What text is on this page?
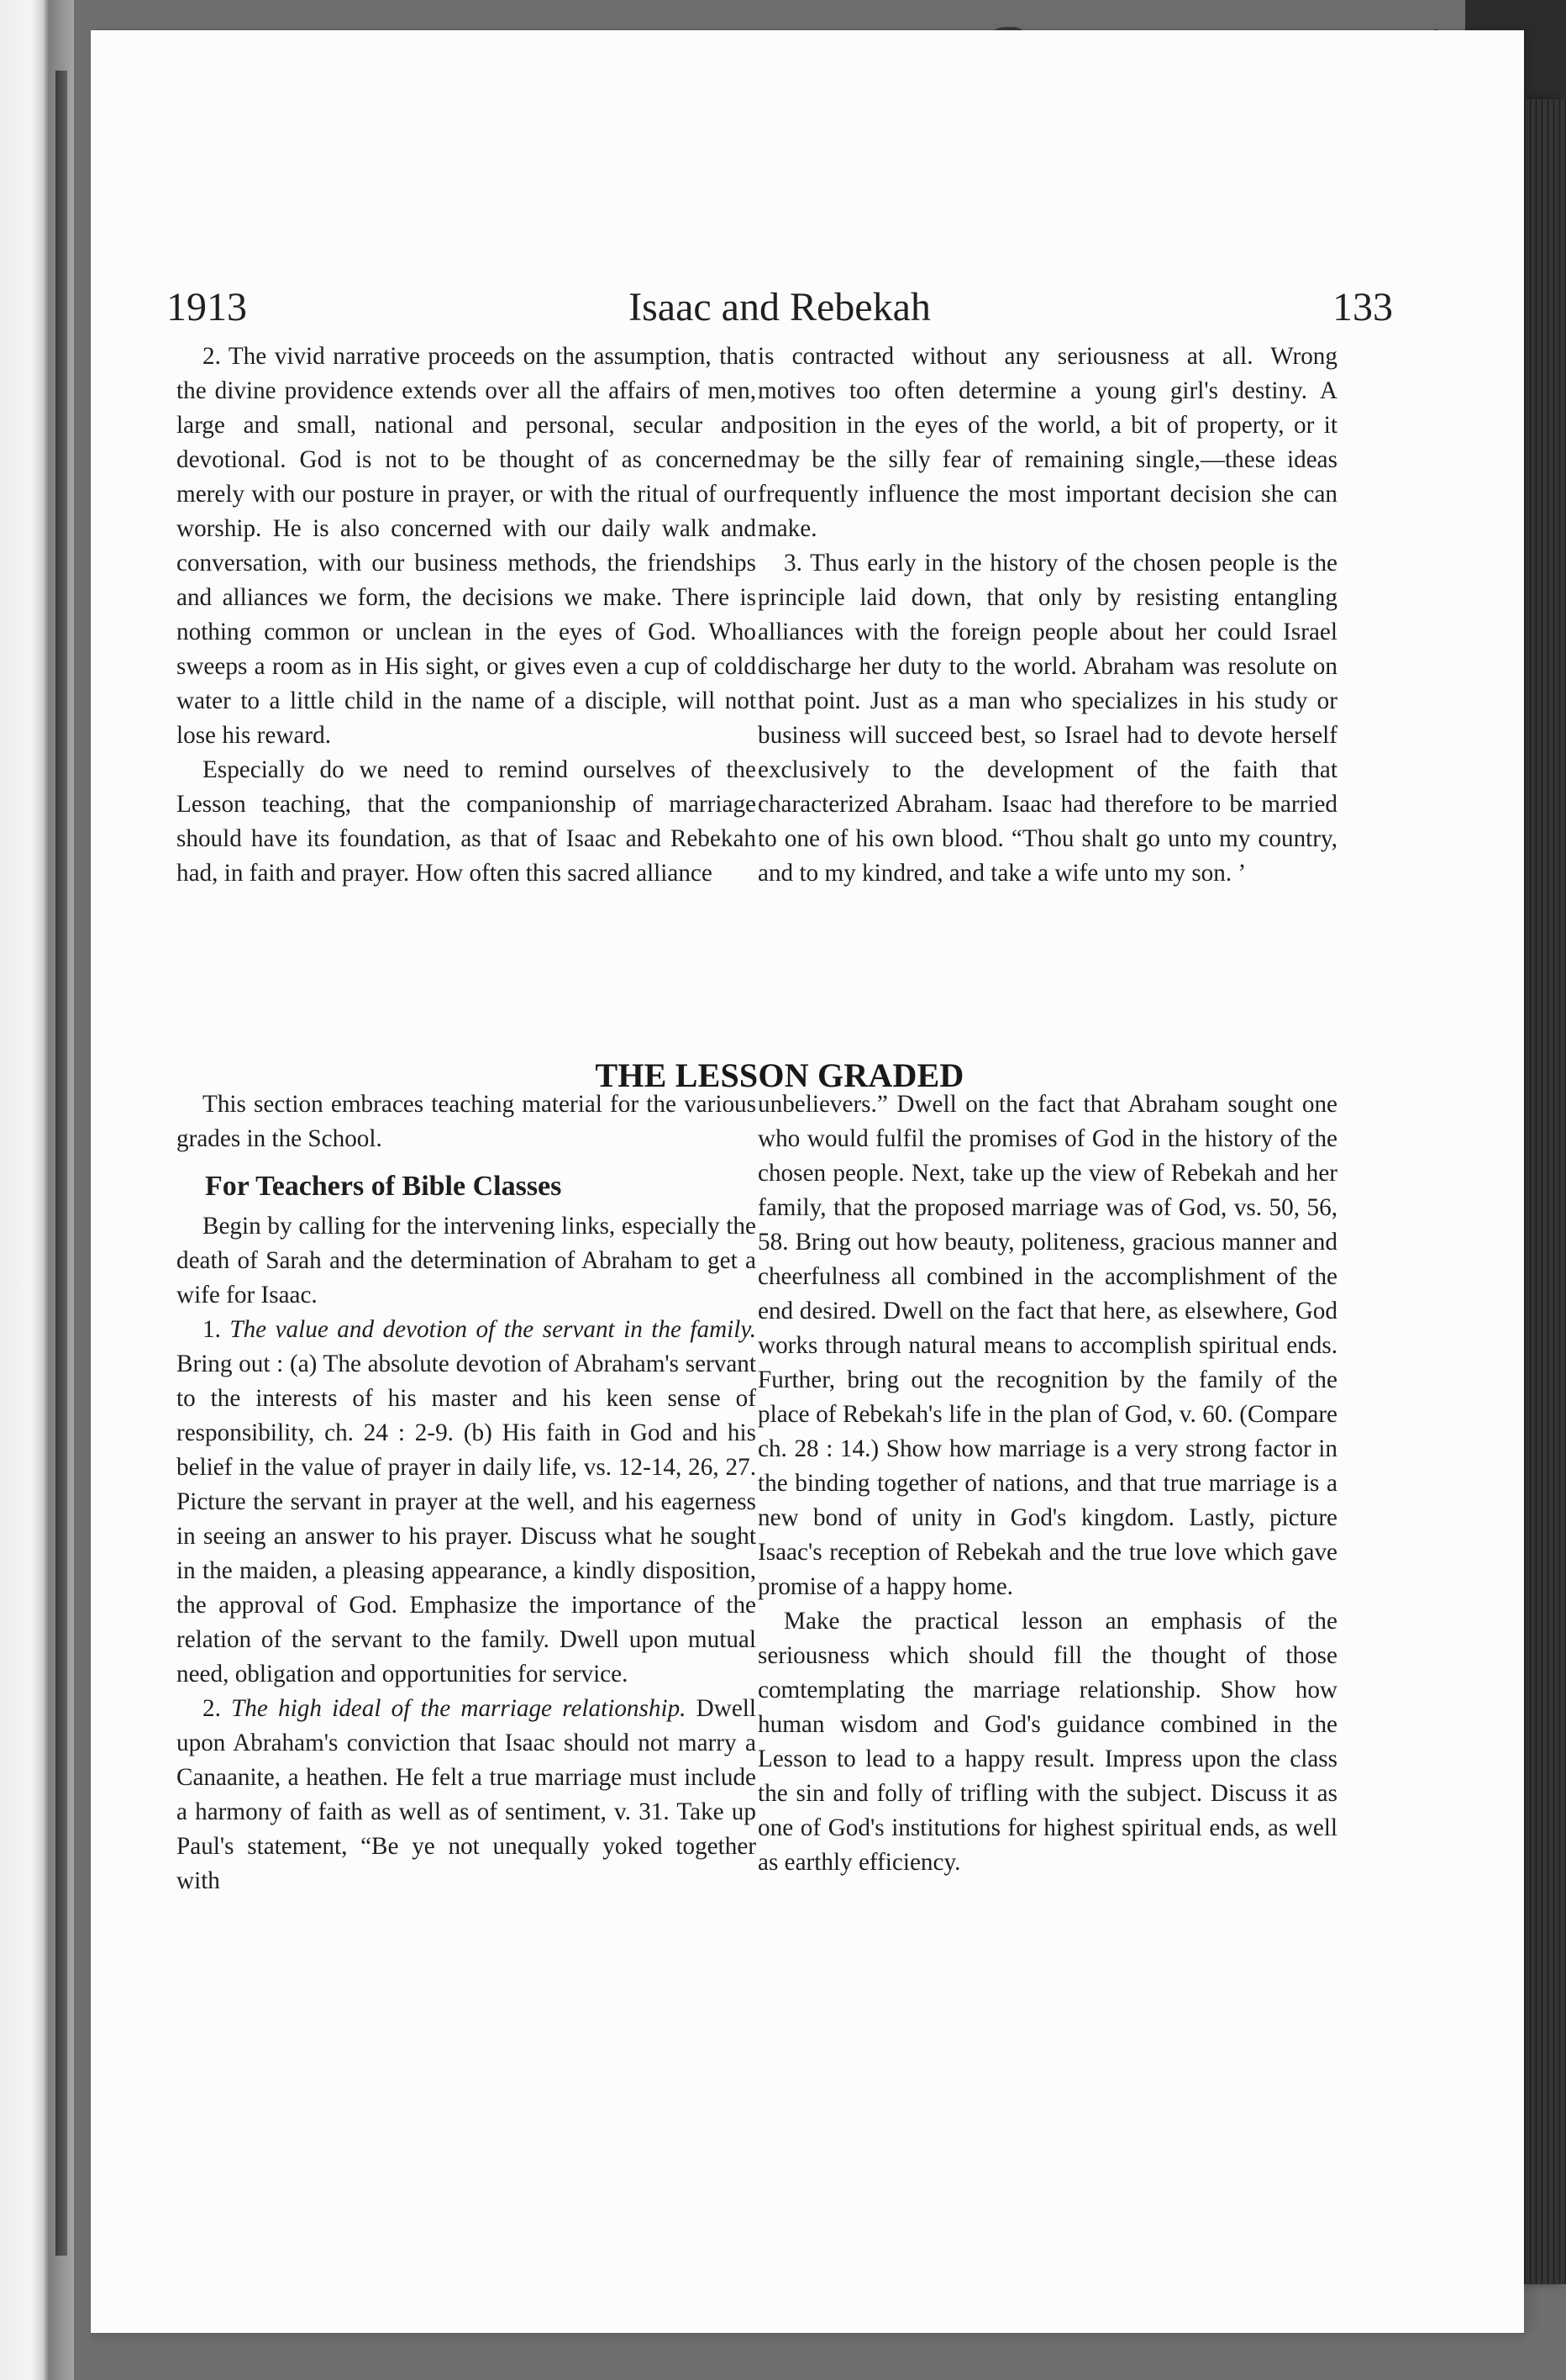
1913	Isaac and Rebekah	133

2. The vivid narrative proceeds on the assumption, that the divine providence extends over all the affairs of men, large and small, national and personal, secular and devotional. God is not to be thought of as concerned merely with our posture in prayer, or with the ritual of our worship. He is also concerned with our daily walk and conversation, with our business methods, the friendships and alliances we form, the decisions we make. There is nothing common or unclean in the eyes of God. Who sweeps a room as in His sight, or gives even a cup of cold water to a little child in the name of a disciple, will not lose his reward.

Especially do we need to remind ourselves of the Lesson teaching, that the companionship of marriage should have its foundation, as that of Isaac and Rebekah had, in faith and prayer. How often this sacred alliance

is contracted without any seriousness at all. Wrong motives too often determine a young girl's destiny. A position in the eyes of the world, a bit of property, or it may be the silly fear of remaining single,—these ideas frequently influence the most important decision she can make.

3. Thus early in the history of the chosen people is the principle laid down, that only by resisting entangling alliances with the foreign people about her could Israel discharge her duty to the world. Abraham was resolute on that point. Just as a man who specializes in his study or business will succeed best, so Israel had to devote herself exclusively to the development of the faith that characterized Abraham. Isaac had therefore to be married to one of his own blood. “Thou shalt go unto my country, and to my kindred, and take a wife unto my son. ’

THE LESSON GRADED

This section embraces teaching material for the various grades in the School.

For Teachers of Bible Classes

Begin by calling for the intervening links, especially the death of Sarah and the determination of Abraham to get a wife for Isaac.

1. The value and devotion of the servant in the family. Bring out : (a) The absolute devotion of Abraham's servant to the interests of his master and his keen sense of responsibility, ch. 24 : 2-9. (b) His faith in God and his belief in the value of prayer in daily life, vs. 12-14, 26, 27. Picture the servant in prayer at the well, and his eagerness in seeing an answer to his prayer. Discuss what he sought in the maiden, a pleasing appearance, a kindly disposition, the approval of God. Emphasize the importance of the relation of the servant to the family. Dwell upon mutual need, obligation and opportunities for service.

2. The high ideal of the marriage relationship. Dwell upon Abraham's conviction that Isaac should not marry a Canaanite, a heathen. He felt a true marriage must include a harmony of faith as well as of sentiment, v. 31. Take up Paul's statement, “Be ye not unequally yoked together with

unbelievers.” Dwell on the fact that Abraham sought one who would fulfil the promises of God in the history of the chosen people. Next, take up the view of Rebekah and her family, that the proposed marriage was of God, vs. 50, 56, 58. Bring out how beauty, politeness, gracious manner and cheerfulness all combined in the accomplishment of the end desired. Dwell on the fact that here, as elsewhere, God works through natural means to accomplish spiritual ends. Further, bring out the recognition by the family of the place of Rebekah's life in the plan of God, v. 60. (Compare ch. 28 : 14.) Show how marriage is a very strong factor in the binding together of nations, and that true marriage is a new bond of unity in God's kingdom. Lastly, picture Isaac's reception of Rebekah and the true love which gave promise of a happy home.

Make the practical lesson an emphasis of the seriousness which should fill the thought of those comtemplating the marriage relationship. Show how human wisdom and God's guidance combined in the Lesson to lead to a happy result. Impress upon the class the sin and folly of trifling with the subject. Discuss it as one of God's institutions for highest spiritual ends, as well as earthly efficiency.
